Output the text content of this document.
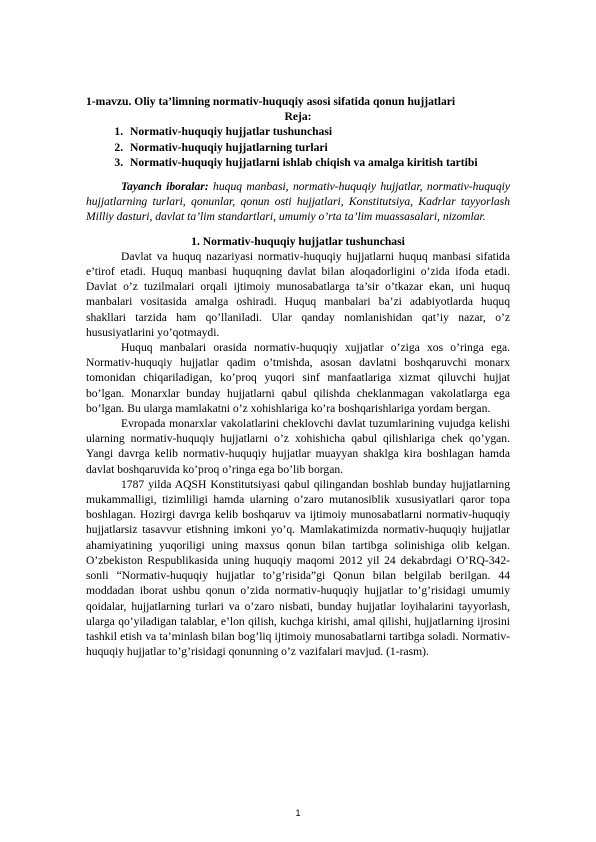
1-mavzu. Oliy ta’limning normativ-huquqiy asosi sifatida qonun hujjatlari
Reja:
1. Normativ-huquqiy hujjatlar tushunchasi
2. Normativ-huquqiy hujjatlarning turlari
3. Normativ-huquqiy hujjatlarni ishlab chiqish va amalga kiritish tartibi

Tayanch iboralar: huquq manbasi, normativ-huquqiy hujjatlar, normativ-huquqiy hujjatlarning turlari, qonunlar, qonun osti hujjatlari, Konstitutsiya, Kadrlar tayyorlash Milliy dasturi, davlat ta’lim standartlari, umumiy o’rta ta’lim muassasalari, nizomlar.

1. Normativ-huquqiy hujjatlar tushunchasi

Davlat va huquq nazariyasi normativ-huquqiy hujjatlarni huquq manbasi sifatida e’tirof etadi. Huquq manbasi huquqning davlat bilan aloqadorligini o’zida ifoda etadi. Davlat o’z tuzilmalari orqali ijtimoiy munosabatlarga ta’sir o’tkazar ekan, uni huquq manbalari vositasida amalga oshiradi. Huquq manbalari ba’zi adabiyotlarda huquq shakllari tarzida ham qo’llaniladi. Ular qanday nomlanishidan qat’iy nazar, o’z hususiyatlarini yo’qotmaydi.

Huquq manbalari orasida normativ-huquqiy xujjatlar o’ziga xos o’ringa ega. Normativ-huquqiy hujjatlar qadim o’tmishda, asosan davlatni boshqaruvchi monarx tomonidan chiqariladigan, ko’proq yuqori sinf manfaatlariga xizmat qiluvchi hujjat bo’lgan. Monarxlar bunday hujjatlarni qabul qilishda cheklanmagan vakolatlarga ega bo’lgan. Bu ularga mamlakatni o’z xohishlariga ko’ra boshqarishlariga yordam bergan.

Evropada monarxlar vakolatlarini cheklovchi davlat tuzumlarining vujudga kelishi ularning normativ-huquqiy hujjatlarni o’z xohishicha qabul qilishlariga chek qo’ygan. Yangi davrga kelib normativ-huquqiy hujjatlar muayyan shaklga kira boshlagan hamda davlat boshqaruvida ko’proq o’ringa ega bo’lib borgan.

1787 yilda AQSH Konstitutsiyasi qabul qilingandan boshlab bunday hujjatlarning mukammalligi, tizimliligi hamda ularning o’zaro mutanosiblik xususiyatlari qaror topa boshlagan. Hozirgi davrga kelib boshqaruv va ijtimoiy munosabatlarni normativ-huquqiy hujjatlarsiz tasavvur etishning imkoni yo’q. Mamlakatimizda normativ-huquqiy hujjatlar ahamiyatining yuqoriligi uning maxsus qonun bilan tartibga solinishiga olib kelgan. O’zbekiston Respublikasida uning huquqiy maqomi 2012 yil 24 dekabrdagi O’RQ-342-sonli “Normativ-huquqiy hujjatlar to’g’risida”gi Qonun bilan belgilab berilgan. 44 moddadan iborat ushbu qonun o’zida normativ-huquqiy hujjatlar to’g’risidagi umumiy qoidalar, hujjatlarning turlari va o’zaro nisbati, bunday hujjatlar loyihalarini tayyorlash, ularga qo’yiladigan talablar, e’lon qilish, kuchga kirishi, amal qilishi, hujjatlarning ijrosini tashkil etish va ta’minlash bilan bog’liq ijtimoiy munosabatlarni tartibga soladi. Normativ-huquqiy hujjatlar to’g’risidagi qonunning o’z vazifalari mavjud. (1-rasm).

1
